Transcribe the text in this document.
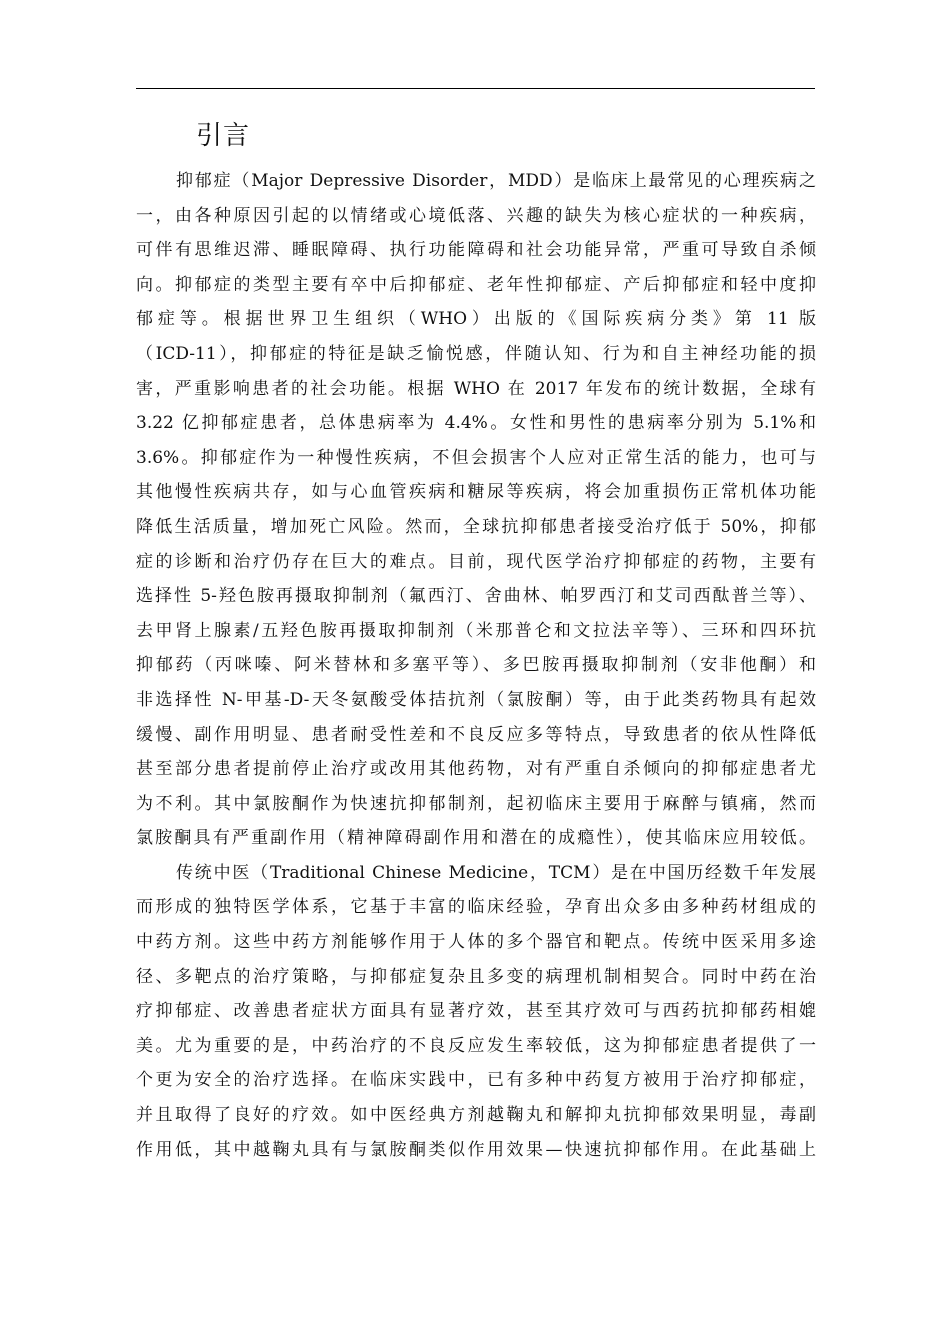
引言
抑郁症（Major Depressive Disorder，MDD）是临床上最常见的心理疾病之
一，由各种原因引起的以情绪或心境低落、兴趣的缺失为核心症状的一种疾病，
可伴有思维迟滞、睡眠障碍、执行功能障碍和社会功能异常，严重可导致自杀倾
向。抑郁症的类型主要有卒中后抑郁症、老年性抑郁症、产后抑郁症和轻中度抑
郁症等。根据世界卫生组织（WHO）出版的《国际疾病分类》第 11 版
（ICD-11），抑郁症的特征是缺乏愉悦感，伴随认知、行为和自主神经功能的损
害，严重影响患者的社会功能。根据 WHO 在 2017 年发布的统计数据，全球有
3.22 亿抑郁症患者，总体患病率为 4.4%。女性和男性的患病率分别为 5.1%和
3.6%。抑郁症作为一种慢性疾病，不但会损害个人应对正常生活的能力，也可与
其他慢性疾病共存，如与心血管疾病和糖尿等疾病，将会加重损伤正常机体功能
降低生活质量，增加死亡风险。然而，全球抗抑郁患者接受治疗低于 50%，抑郁
症的诊断和治疗仍存在巨大的难点。目前，现代医学治疗抑郁症的药物，主要有
选择性 5-羟色胺再摄取抑制剂（氟西汀、舍曲林、帕罗西汀和艾司西酞普兰等）、
去甲肾上腺素/五羟色胺再摄取抑制剂（米那普仑和文拉法辛等）、三环和四环抗
抑郁药（丙咪嗪、阿米替林和多塞平等）、多巴胺再摄取抑制剂（安非他酮）和
非选择性 N-甲基-D-天冬氨酸受体拮抗剂（氯胺酮）等，由于此类药物具有起效
缓慢、副作用明显、患者耐受性差和不良反应多等特点，导致患者的依从性降低
甚至部分患者提前停止治疗或改用其他药物，对有严重自杀倾向的抑郁症患者尤
为不利。其中氯胺酮作为快速抗抑郁制剂，起初临床主要用于麻醉与镇痛，然而
氯胺酮具有严重副作用（精神障碍副作用和潜在的成瘾性），使其临床应用较低。
传统中医（Traditional Chinese Medicine，TCM）是在中国历经数千年发展
而形成的独特医学体系，它基于丰富的临床经验，孕育出众多由多种药材组成的
中药方剂。这些中药方剂能够作用于人体的多个器官和靶点。传统中医采用多途
径、多靶点的治疗策略，与抑郁症复杂且多变的病理机制相契合。同时中药在治
疗抑郁症、改善患者症状方面具有显著疗效，甚至其疗效可与西药抗抑郁药相媲
美。尤为重要的是，中药治疗的不良反应发生率较低，这为抑郁症患者提供了一
个更为安全的治疗选择。在临床实践中，已有多种中药复方被用于治疗抑郁症，
并且取得了良好的疗效。如中医经典方剂越鞠丸和解抑丸抗抑郁效果明显，毒副
作用低，其中越鞠丸具有与氯胺酮类似作用效果—快速抗抑郁作用。在此基础上
